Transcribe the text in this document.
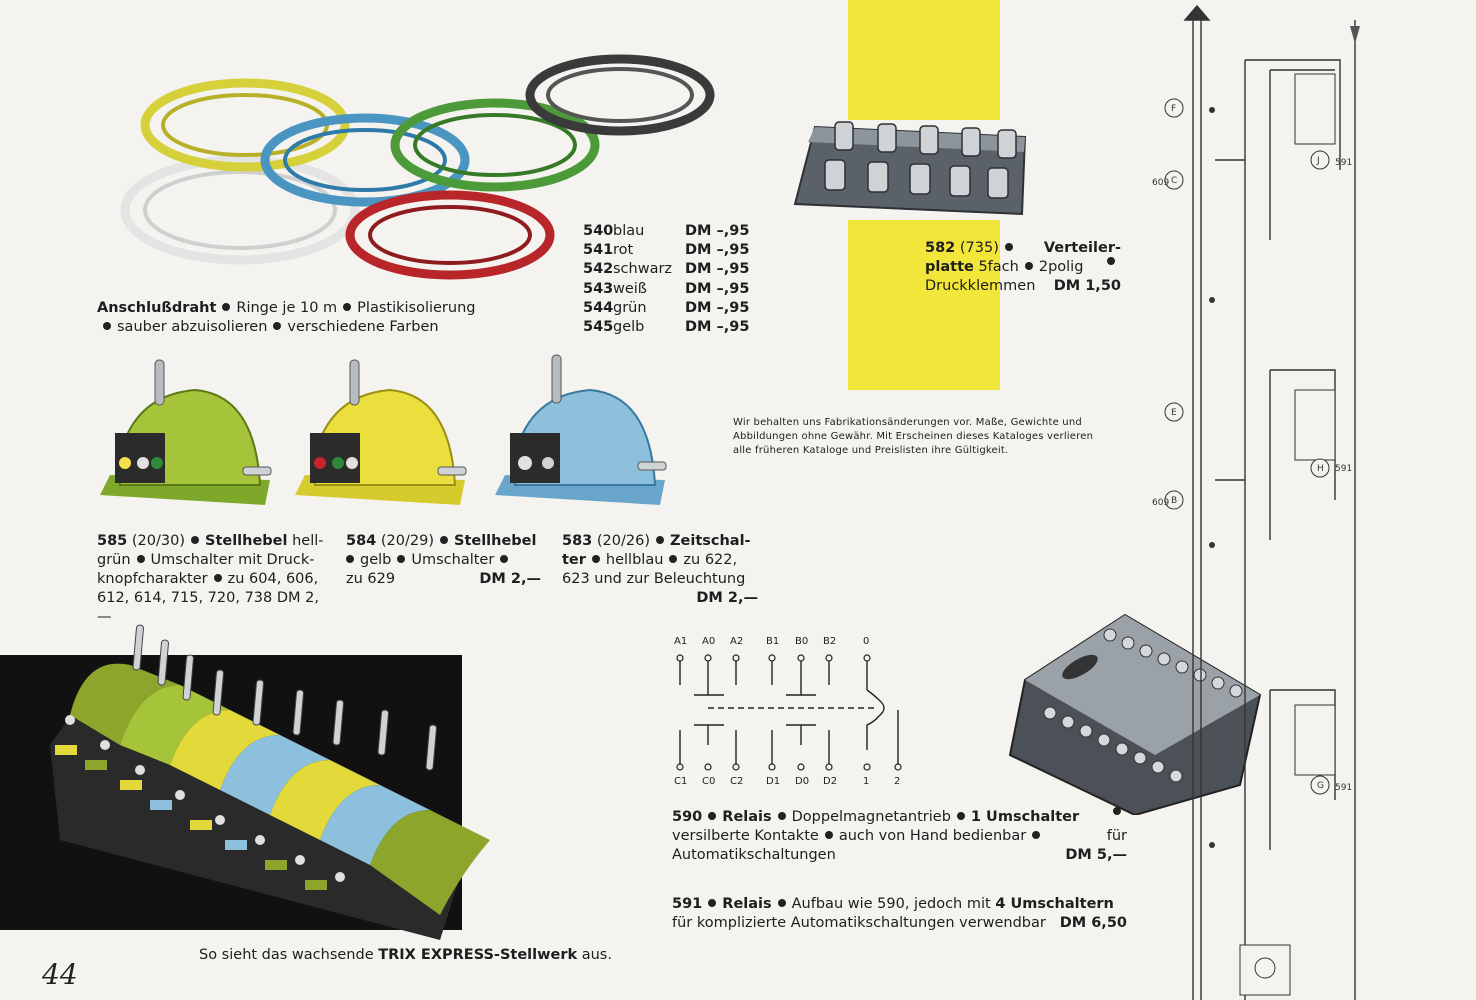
Anschlußdraht Ringe je 10 m Plastikisolierung
sauber abzuisolieren verschiedene Farben
540 blau	DM –,95
541 rot	DM –,95
542 schwarz DM –,95
543 weiß	DM –,95
544 grün	DM –,95
545 gelb	DM –,95
582 (735)	Verteiler-
platte 5fach 2polig
Druckklemmen DM 1,50
Wir behalten uns Fabrikationsänderungen vor. Maße, Gewichte und
Abbildungen ohne Gewähr. Mit Erscheinen dieses Kataloges verlieren
alle früheren Kataloge und Preislisten ihre Gültigkeit.
585 (20/30) Stellhebel hell-
grün Umschalter mit Druck-
knopfcharakter zu 604, 606,
612, 614, 715, 720, 738 DM 2,—
584 (20/29) Stellhebel
gelb Umschalter
zu 629	DM 2,—
583 (20/26) Zeitschal-
ter hellblau zu 622,
623 und zur Beleuchtung
DM 2,—
So sieht das wachsende TRIX EXPRESS-Stellwerk aus.
A1 A0 A2 B1 B0 B2	0
C1 C0 C2 D1 D0 D2	1 2
590 Relais Doppelmagnetantrieb 1 Umschalter
versilberte Kontakte auch von Hand bedienbar	für
Automatikschaltungen	DM 5,—
591 Relais Aufbau wie 590, jedoch mit 4 Umschaltern
für komplizierte Automatikschaltungen verwendbar DM 6,50
F
C
609
E
B
609
H 591
G 591
J 591
44
